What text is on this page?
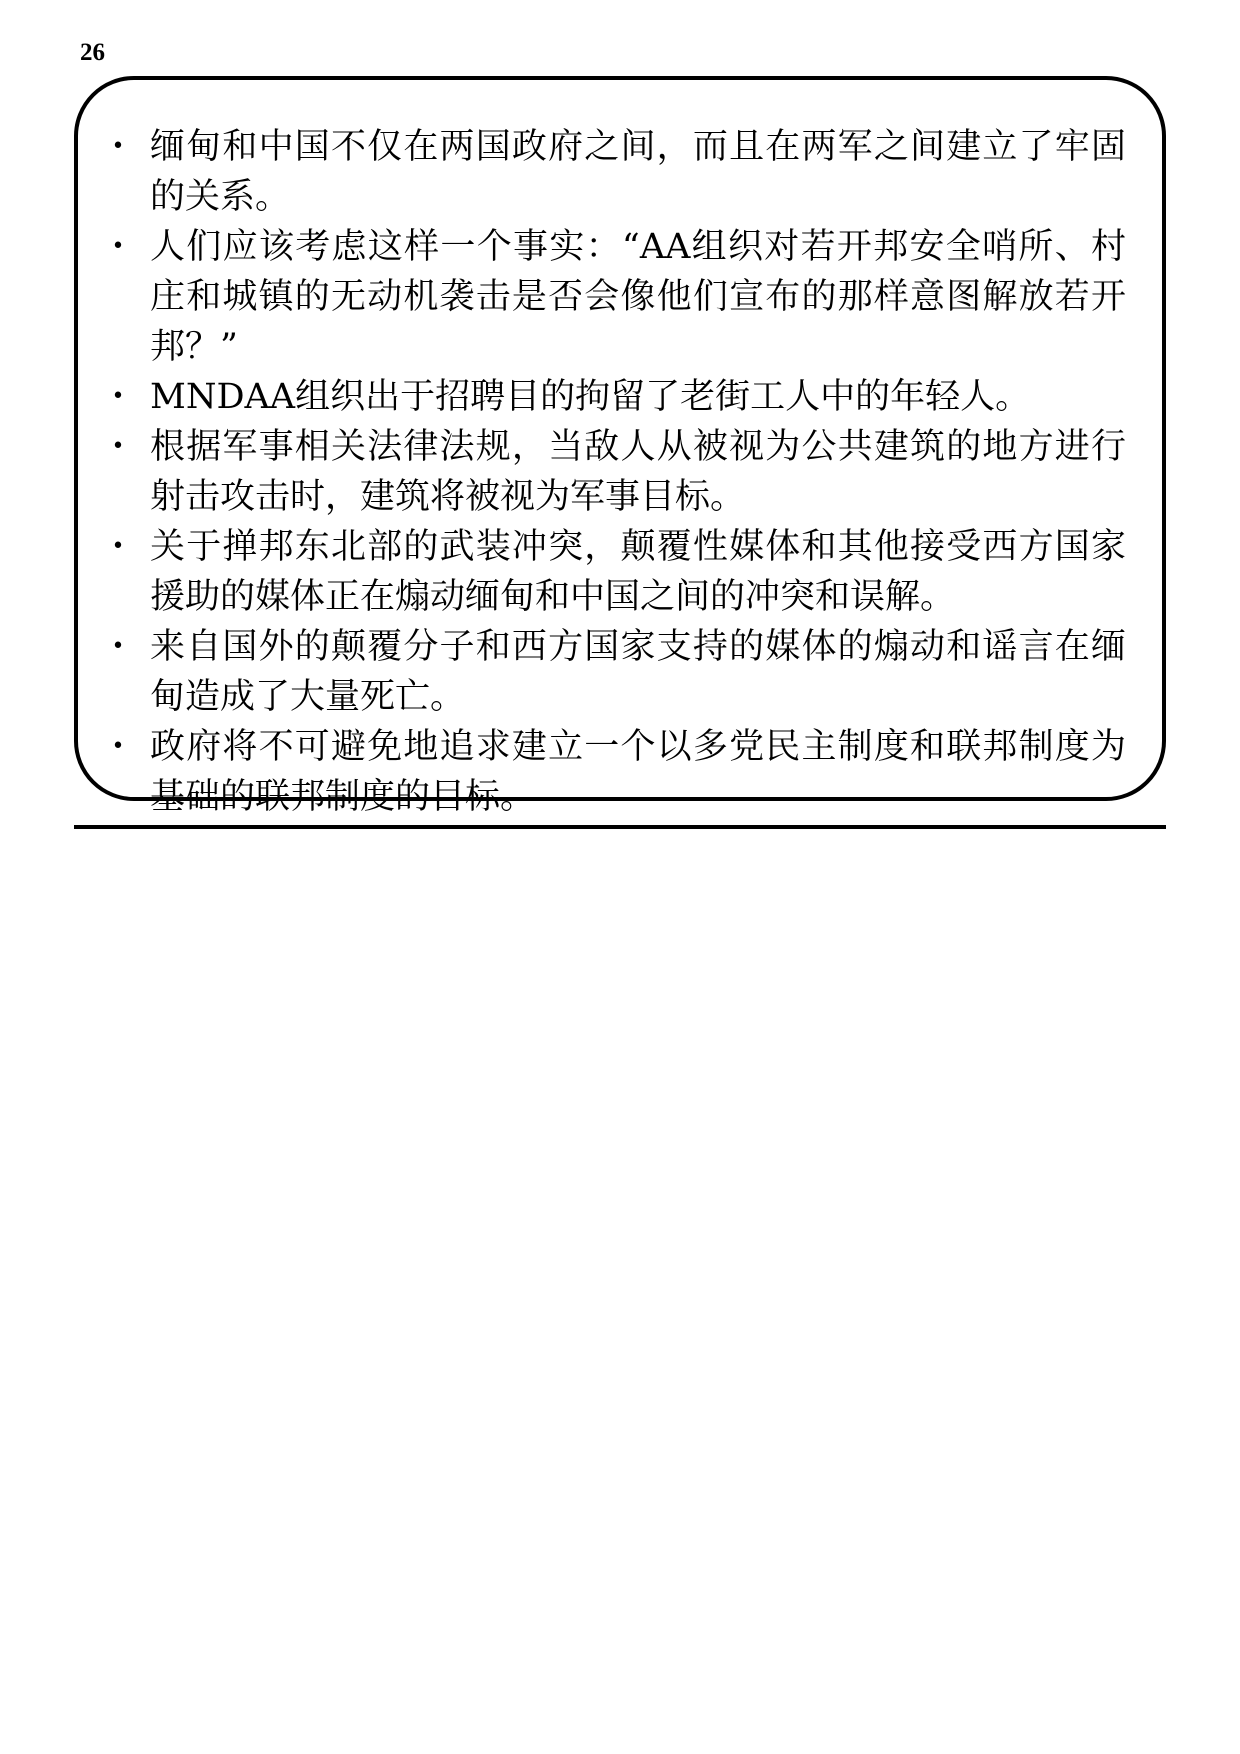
26
• 缅甸和中国不仅在两国政府之间，而且在两军之间建立了牢固的关系。
• 人们应该考虑这样一个事实：“AA组织对若开邦安全哨所、村庄和城镇的无动机袭击是否会像他们宣布的那样意图解放若开邦？”
• MNDAA组织出于招聘目的拘留了老街工人中的年轻人。
• 根据军事相关法律法规，当敌人从被视为公共建筑的地方进行射击攻击时，建筑将被视为军事目标。
• 关于掸邦东北部的武装冲突，颠覆性媒体和其他接受西方国家援助的媒体正在煽动缅甸和中国之间的冲突和误解。
• 来自国外的颠覆分子和西方国家支持的媒体的煽动和谣言在缅甸造成了大量死亡。
• 政府将不可避免地追求建立一个以多党民主制度和联邦制度为基础的联邦制度的目标。
